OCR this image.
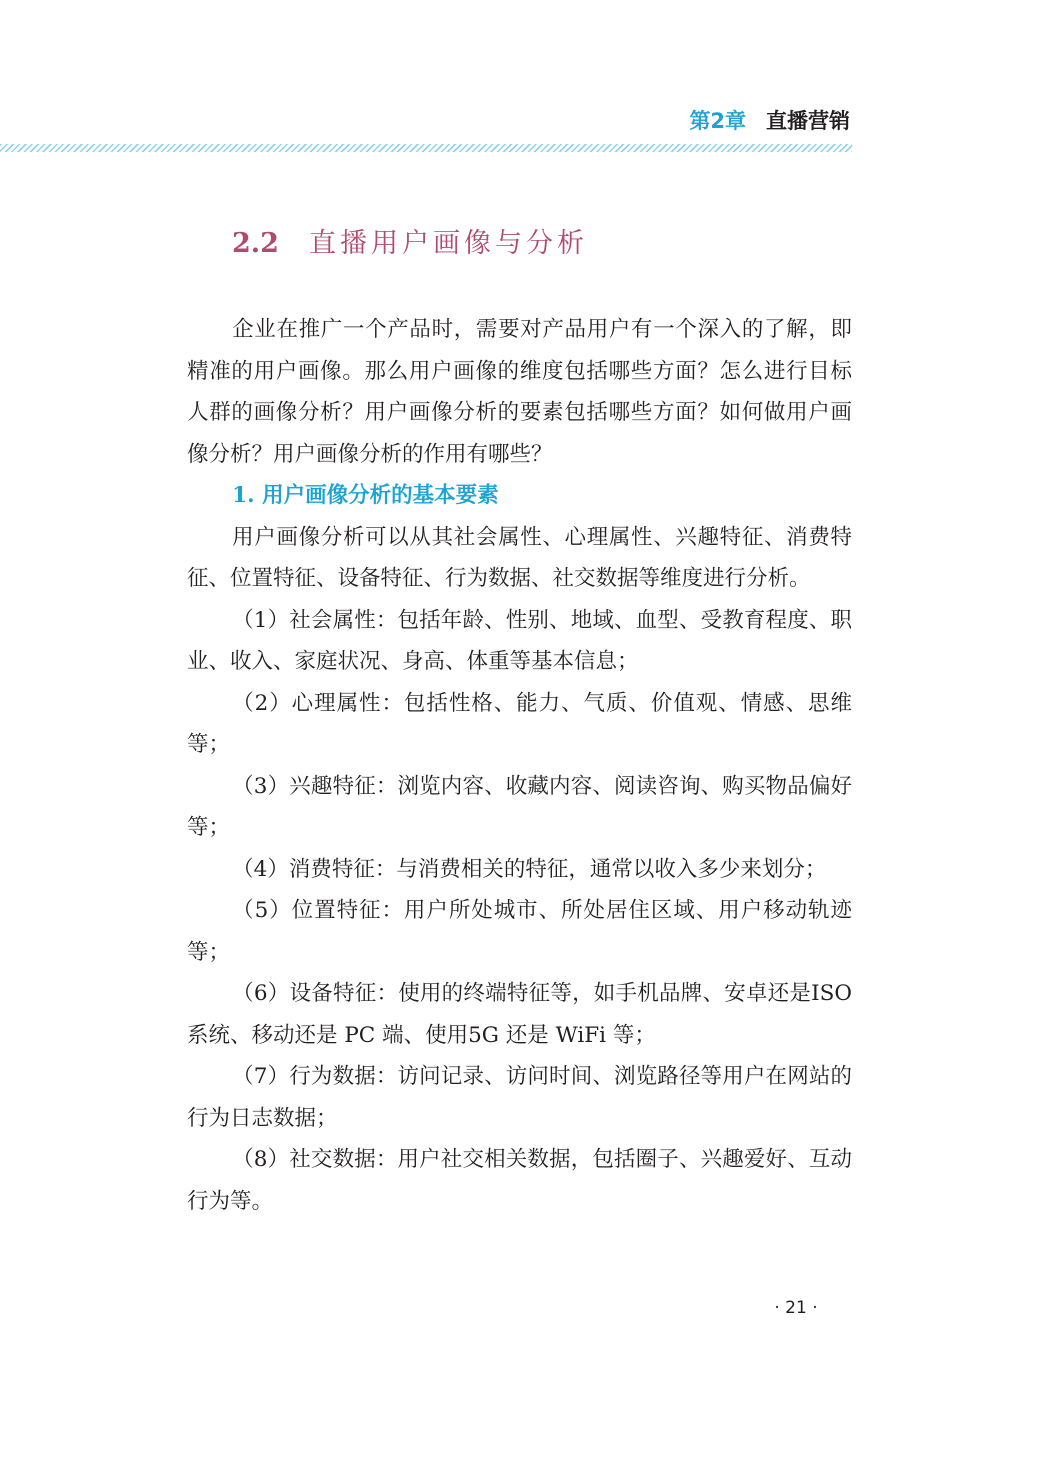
第2章 直播营销
2.2 直播用户画像与分析

企业在推广一个产品时，需要对产品用户有一个深入的了解，即精准的用户画像。那么用户画像的维度包括哪些方面？怎么进行目标人群的画像分析？用户画像分析的要素包括哪些方面？如何做用户画像分析？用户画像分析的作用有哪些？

1. 用户画像分析的基本要素

用户画像分析可以从其社会属性、心理属性、兴趣特征、消费特征、位置特征、设备特征、行为数据、社交数据等维度进行分析。

（1）社会属性：包括年龄、性别、地域、血型、受教育程度、职业、收入、家庭状况、身高、体重等基本信息；

（2）心理属性：包括性格、能力、气质、价值观、情感、思维等；

（3）兴趣特征：浏览内容、收藏内容、阅读咨询、购买物品偏好等；

（4）消费特征：与消费相关的特征，通常以收入多少来划分；

（5）位置特征：用户所处城市、所处居住区域、用户移动轨迹等；

（6）设备特征：使用的终端特征等，如手机品牌、安卓还是ISO 系统、移动还是 PC 端、使用5G 还是 WiFi 等；

（7）行为数据：访问记录、访问时间、浏览路径等用户在网站的行为日志数据；

（8）社交数据：用户社交相关数据，包括圈子、兴趣爱好、互动行为等。

· 21 ·
